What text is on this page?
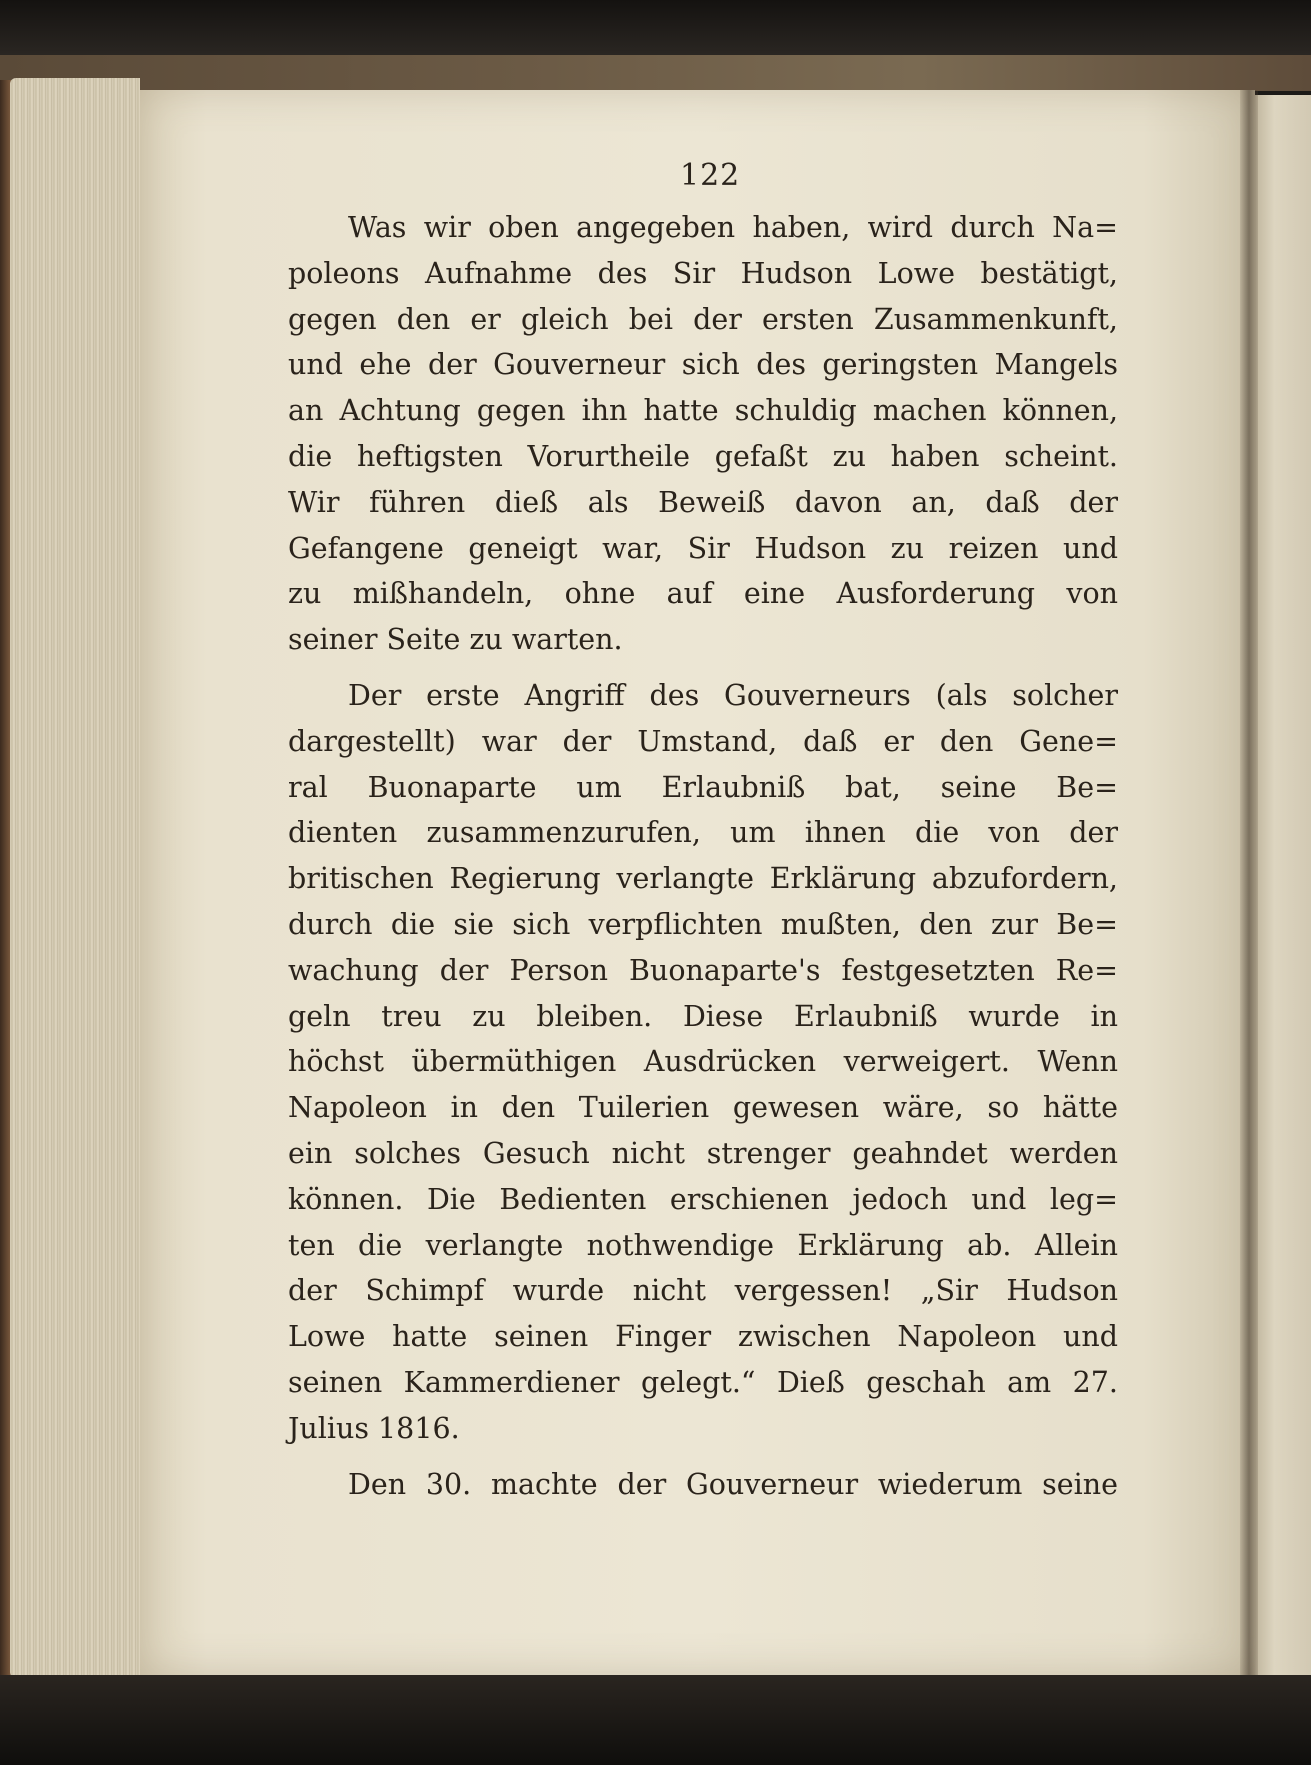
122
Was wir oben angegeben haben, wird durch Na=
poleons Aufnahme des Sir Hudson Lowe bestätigt,
gegen den er gleich bei der ersten Zusammenkunft,
und ehe der Gouverneur sich des geringsten Mangels
an Achtung gegen ihn hatte schuldig machen können,
die heftigsten Vorurtheile gefaßt zu haben scheint.
Wir führen dieß als Beweiß davon an, daß der
Gefangene geneigt war, Sir Hudson zu reizen und
zu mißhandeln, ohne auf eine Ausforderung von
seiner Seite zu warten.
Der erste Angriff des Gouverneurs (als solcher
dargestellt) war der Umstand, daß er den Gene=
ral Buonaparte um Erlaubniß bat, seine Be=
dienten zusammenzurufen, um ihnen die von der
britischen Regierung verlangte Erklärung abzufordern,
durch die sie sich verpflichten mußten, den zur Be=
wachung der Person Buonaparte's festgesetzten Re=
geln treu zu bleiben. Diese Erlaubniß wurde in
höchst übermüthigen Ausdrücken verweigert. Wenn
Napoleon in den Tuilerien gewesen wäre, so hätte
ein solches Gesuch nicht strenger geahndet werden
können. Die Bedienten erschienen jedoch und leg=
ten die verlangte nothwendige Erklärung ab. Allein
der Schimpf wurde nicht vergessen! „Sir Hudson
Lowe hatte seinen Finger zwischen Napoleon und
seinen Kammerdiener gelegt.“ Dieß geschah am 27.
Julius 1816.
Den 30. machte der Gouverneur wiederum seine
